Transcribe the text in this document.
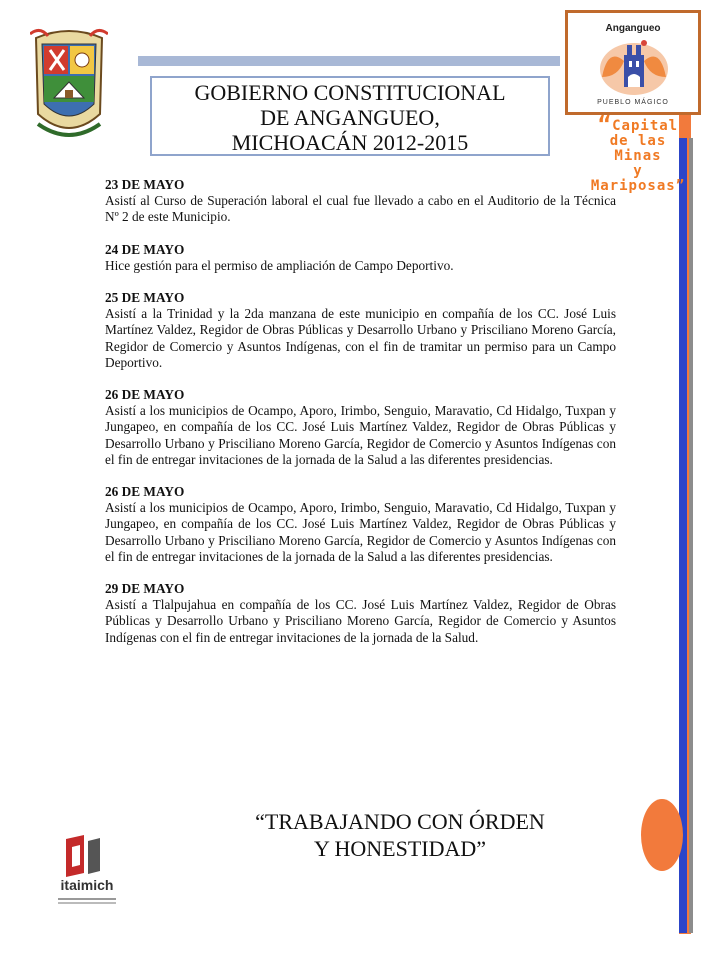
GOBIERNO CONSTITUCIONAL
DE ANGANGUEO,
MICHOACÁN 2012-2015
Angangueo
PUEBLO MÁGICO
“Capital
de las
Minas
y
Mariposas”
23 DE MAYO
Asistí al Curso de Superación laboral el cual fue llevado a cabo en el Auditorio de la Técnica Nº 2 de este Municipio.
24 DE MAYO
Hice gestión para el permiso de ampliación de Campo Deportivo.
25 DE MAYO
Asistí a la Trinidad y la 2da manzana de este municipio en compañía de los CC. José Luis Martínez Valdez, Regidor de Obras Públicas y Desarrollo Urbano y Prisciliano Moreno García, Regidor de Comercio y Asuntos Indígenas, con el fin de tramitar un permiso para un Campo Deportivo.
26 DE MAYO
Asistí a los municipios de Ocampo, Aporo, Irimbo, Senguio, Maravatio, Cd Hidalgo, Tuxpan y Jungapeo, en compañía de los CC. José Luis Martínez Valdez, Regidor de Obras Públicas y Desarrollo Urbano y Prisciliano Moreno García, Regidor de Comercio y Asuntos Indígenas con el fin de entregar invitaciones de la jornada de la Salud a las diferentes presidencias.
26 DE MAYO
Asistí a los municipios de Ocampo, Aporo, Irimbo, Senguio, Maravatio, Cd Hidalgo, Tuxpan y Jungapeo, en compañía de los CC. José Luis Martínez Valdez, Regidor de Obras Públicas y Desarrollo Urbano y Prisciliano Moreno García, Regidor de Comercio y Asuntos Indígenas con el fin de entregar invitaciones de la jornada de la Salud a las diferentes presidencias.
29 DE MAYO
Asistí a Tlalpujahua en compañía de los CC. José Luis Martínez Valdez, Regidor de Obras Públicas y Desarrollo Urbano y Prisciliano Moreno García, Regidor de Comercio y Asuntos Indígenas con el fin de entregar invitaciones de la jornada de la Salud.
“TRABAJANDO CON ÓRDEN
Y HONESTIDAD”
itaimich
